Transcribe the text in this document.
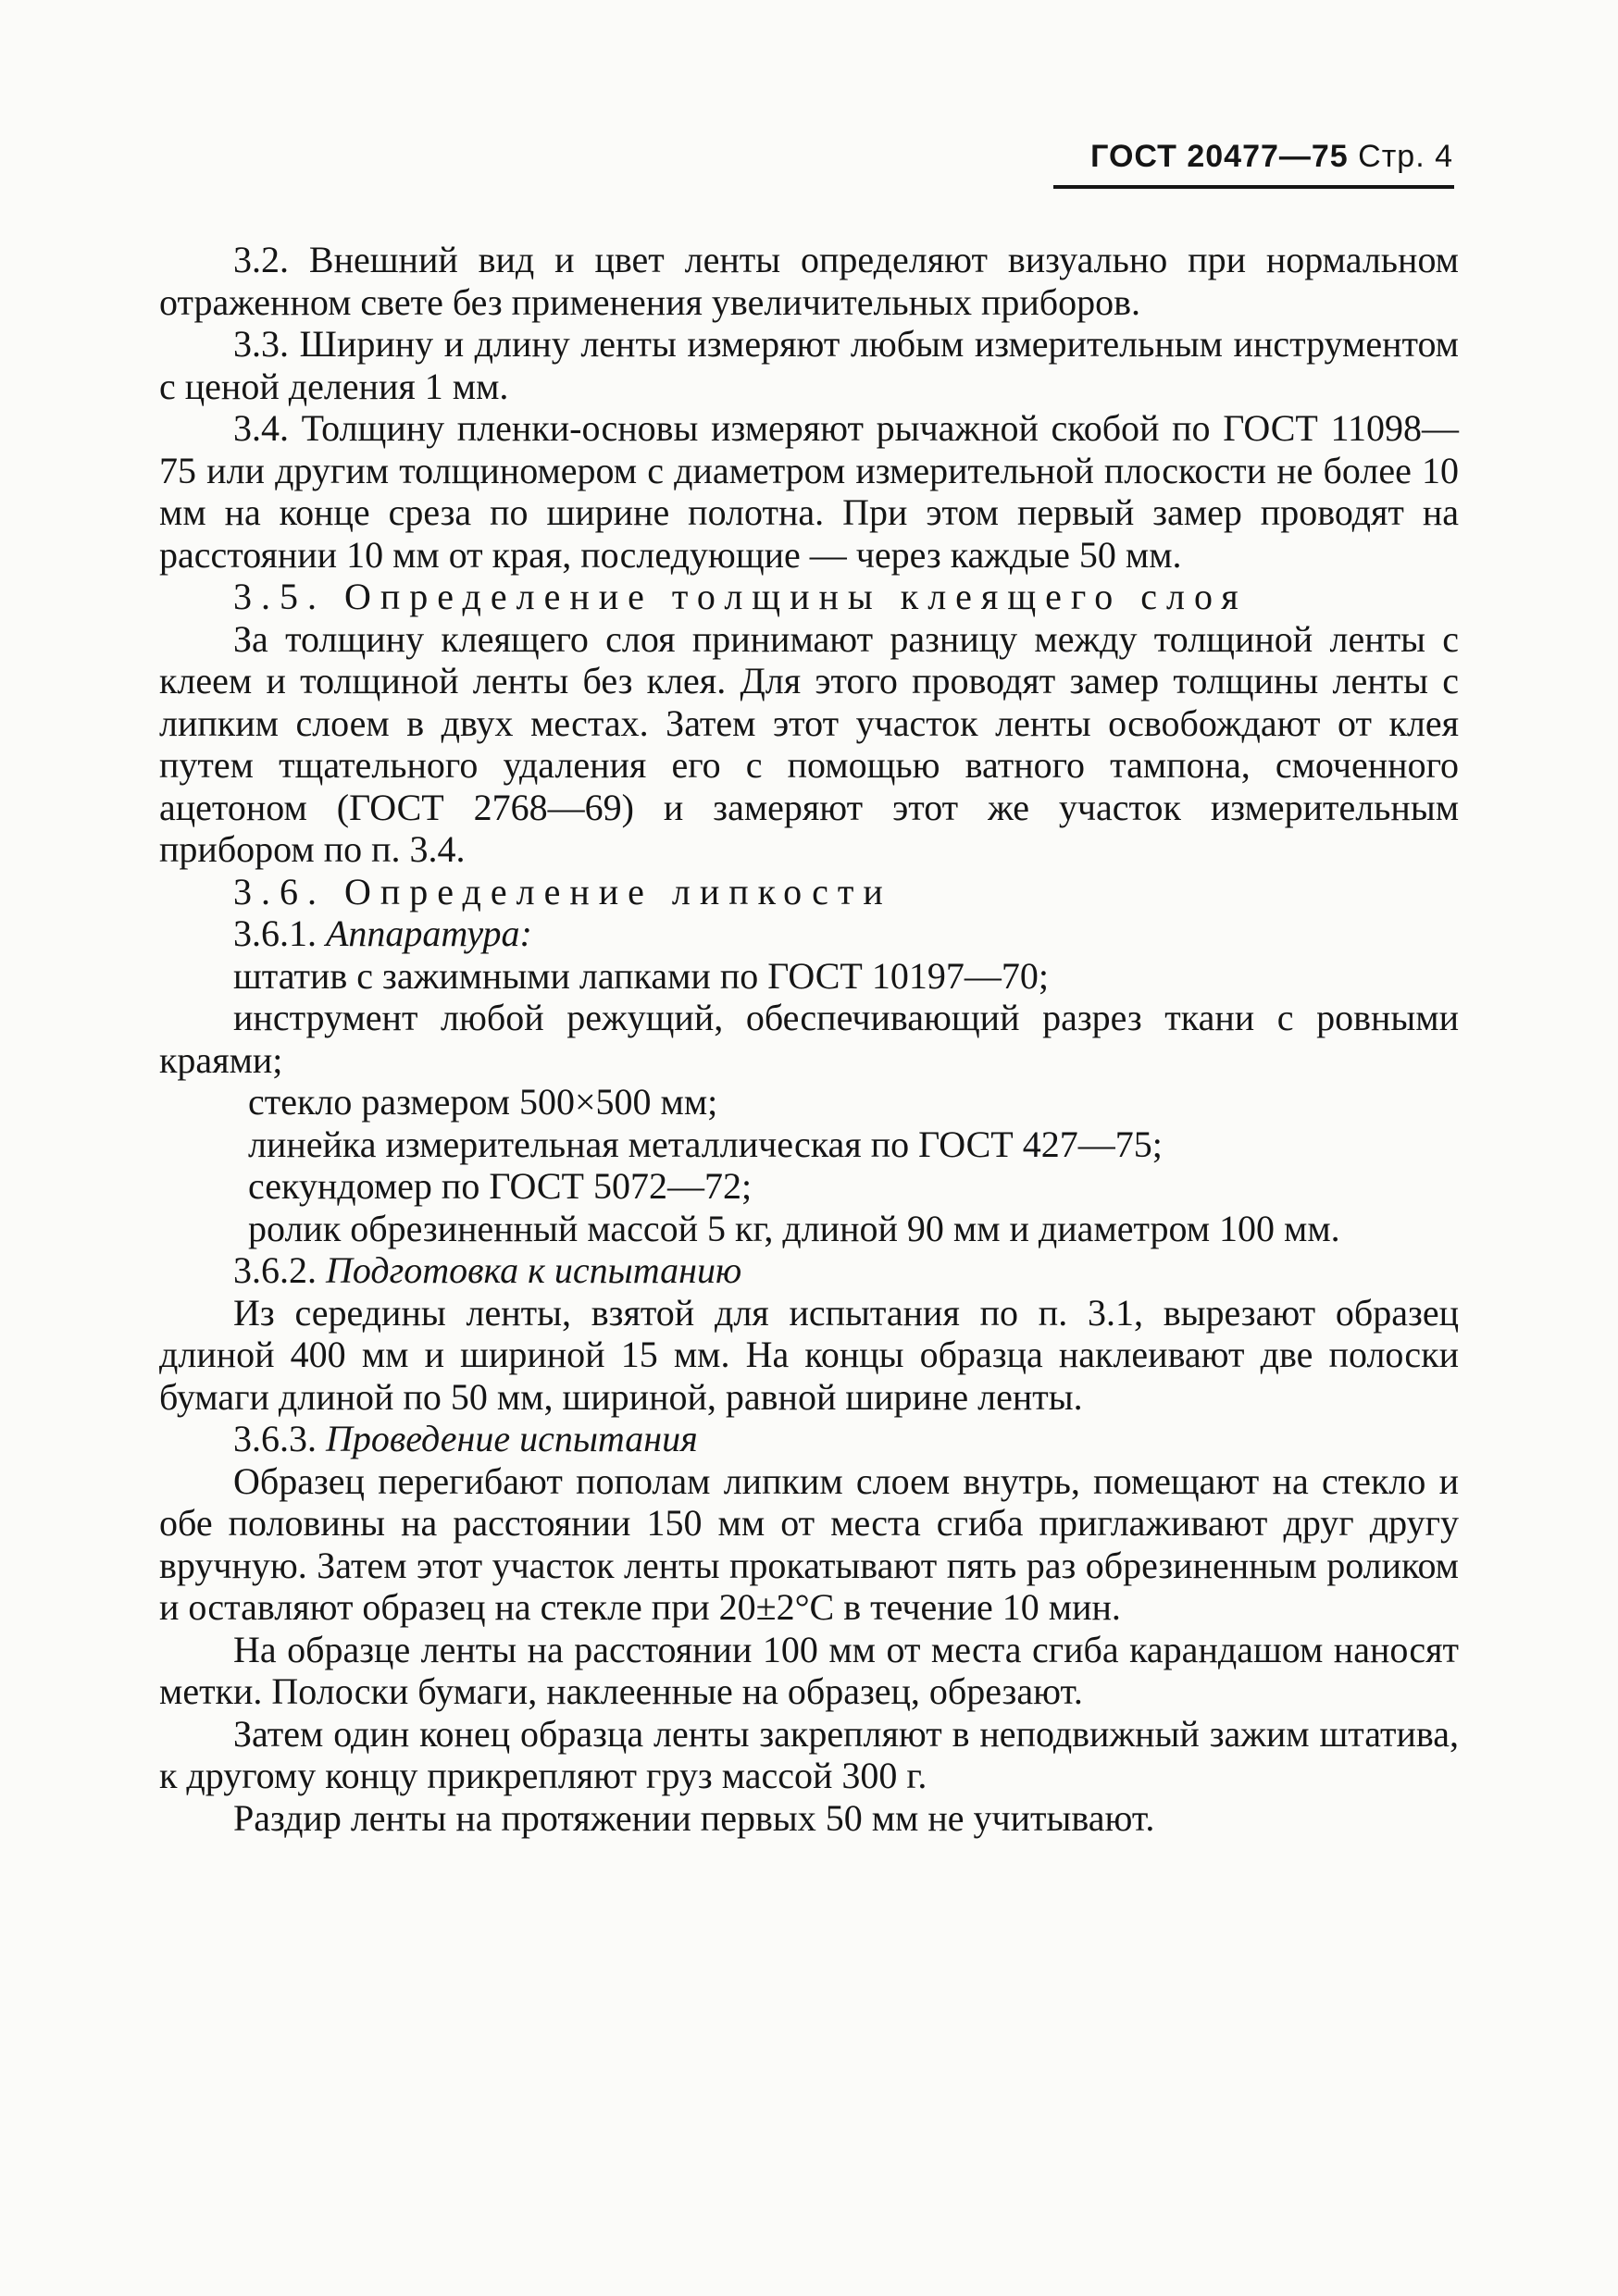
ГОСТ 20477—75 Стр. 4

3.2. Внешний вид и цвет ленты определяют визуально при нормальном отраженном свете без применения увеличительных приборов.

3.3. Ширину и длину ленты измеряют любым измерительным инструментом с ценой деления 1 мм.

3.4. Толщину пленки-основы измеряют рычажной скобой по ГОСТ 11098—75 или другим толщиномером с диаметром измерительной плоскости не более 10 мм на конце среза по ширине полотна. При этом первый замер проводят на расстоянии 10 мм от края, последующие — через каждые 50 мм.

3.5. Определение толщины клеящего слоя

За толщину клеящего слоя принимают разницу между толщиной ленты с клеем и толщиной ленты без клея. Для этого проводят замер толщины ленты с липким слоем в двух местах. Затем этот участок ленты освобождают от клея путем тщательного удаления его с помощью ватного тампона, смоченного ацетоном (ГОСТ 2768—69) и замеряют этот же участок измерительным прибором по п. 3.4.

3.6. Определение липкости

3.6.1. Аппаратура:

штатив с зажимными лапками по ГОСТ 10197—70;

инструмент любой режущий, обеспечивающий разрез ткани с ровными краями;

стекло размером 500×500 мм;

линейка измерительная металлическая по ГОСТ 427—75;

секундомер по ГОСТ 5072—72;

ролик обрезиненный массой 5 кг, длиной 90 мм и диаметром 100 мм.

3.6.2. Подготовка к испытанию

Из середины ленты, взятой для испытания по п. 3.1, вырезают образец длиной 400 мм и шириной 15 мм. На концы образца наклеивают две полоски бумаги длиной по 50 мм, шириной, равной ширине ленты.

3.6.3. Проведение испытания

Образец перегибают пополам липким слоем внутрь, помещают на стекло и обе половины на расстоянии 150 мм от места сгиба приглаживают друг другу вручную. Затем этот участок ленты прокатывают пять раз обрезиненным роликом и оставляют образец на стекле при 20±2°С в течение 10 мин.

На образце ленты на расстоянии 100 мм от места сгиба карандашом наносят метки. Полоски бумаги, наклеенные на образец, обрезают.

Затем один конец образца ленты закрепляют в неподвижный зажим штатива, к другому концу прикрепляют груз массой 300 г.

Раздир ленты на протяжении первых 50 мм не учитывают.
